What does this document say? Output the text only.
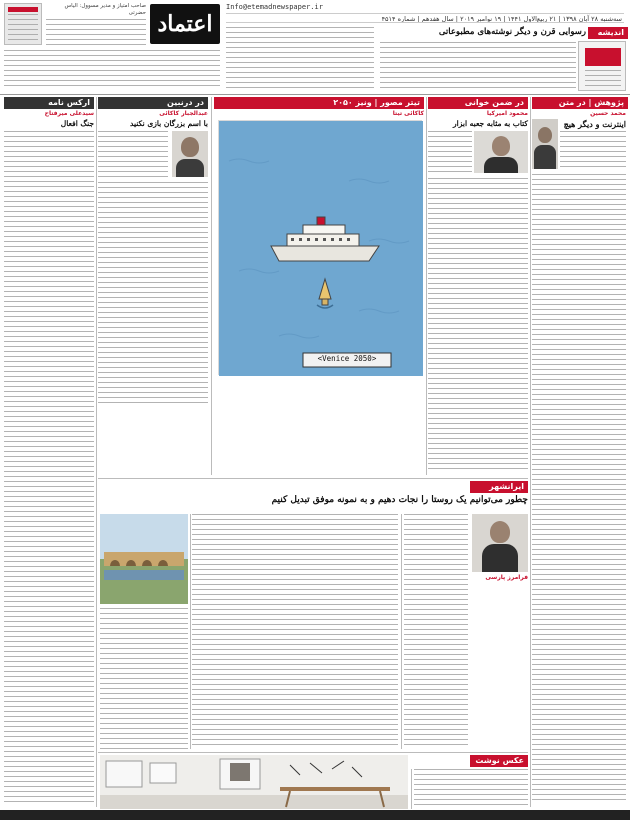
صاحب امتیاز و مدیر مسوول: الیاس حضرتی اعتماد
Info@etemadnewspaper.ir
سه‌شنبه ۲۸ آبان ۱۳۹۸ | ۲۱ ربیع‌الاول ۱۴۴۱ | ۱۹ نوامبر ۲۰۱۹ | سال هفدهم | شماره ۴۵۱۴
اندیشه
رسوایی قرن و دیگر نوشته‌های مطبوعاتی
ارکس نامه	در درنبین	تیتر مصور | ونیز ۲۰۵۰	در ضمن خوانی	پژوهش | در متن
محمد حسین
اینترنت و دیگر هیچ
محمود امیرکیا
کتاب به مثابه جعبه ابزار
کاکائی تیتا
<Venice 2050>
عبدالجبار کاکائی
با اسم بزرگان بازی نکنید
سیدعلی میرفتاح
جنگ افعال
ایرانشهر
چطور می‌توانیم یک روستا را نجات دهیم و به نمونه موفق تبدیل کنیم
فرامرز پارسی
عکس نوشت
